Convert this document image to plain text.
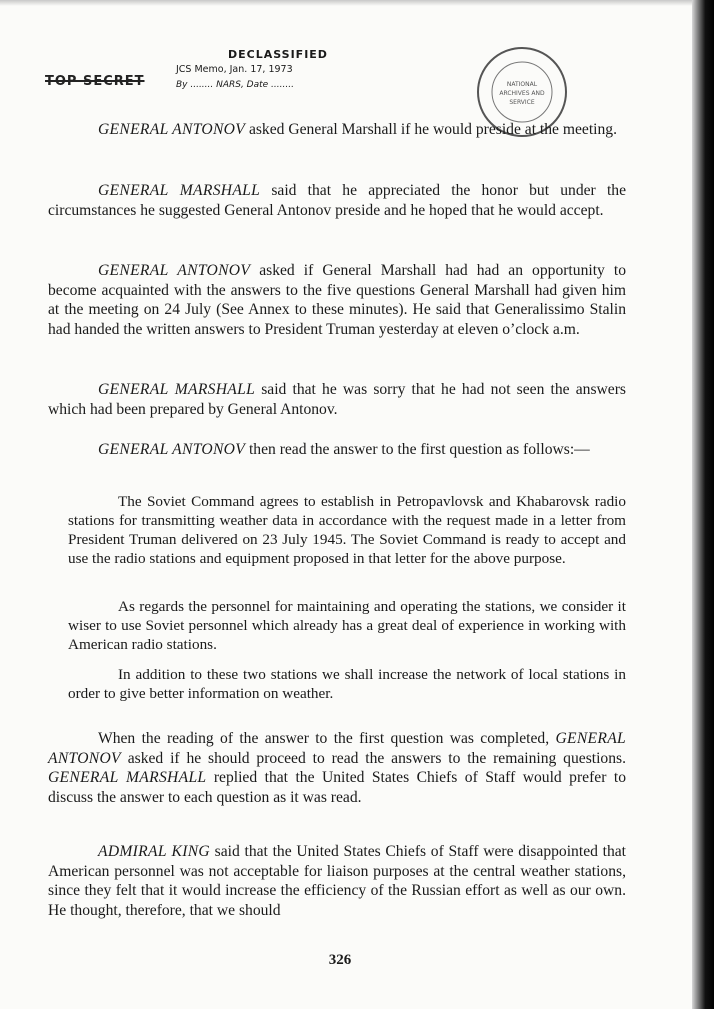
DECLASSIFIED
JCS Memo, Jan. 17, 1973
By ........ NARS, Date ........
TOP SECRET	NATIONAL
ARCHIVES AND
SERVICE

GENERAL ANTONOV asked General Marshall if he would preside at the meeting.

GENERAL MARSHALL said that he appreciated the honor but under the circumstances he suggested General Antonov preside and he hoped that he would accept.

GENERAL ANTONOV asked if General Marshall had had an opportunity to become acquainted with the answers to the five questions General Marshall had given him at the meeting on 24 July (See Annex to these minutes). He said that Generalissimo Stalin had handed the written answers to President Truman yesterday at eleven o’clock a.m.

GENERAL MARSHALL said that he was sorry that he had not seen the answers which had been prepared by General Antonov.

GENERAL ANTONOV then read the answer to the first question as follows:—

The Soviet Command agrees to establish in Petropavlovsk and Khabarovsk radio stations for transmitting weather data in accordance with the request made in a letter from President Truman delivered on 23 July 1945. The Soviet Command is ready to accept and use the radio stations and equipment proposed in that letter for the above purpose.

As regards the personnel for maintaining and operating the stations, we consider it wiser to use Soviet personnel which already has a great deal of experience in working with American radio stations.

In addition to these two stations we shall increase the network of local stations in order to give better information on weather.

When the reading of the answer to the first question was completed, GENERAL ANTONOV asked if he should proceed to read the answers to the remaining questions. GENERAL MARSHALL replied that the United States Chiefs of Staff would prefer to discuss the answer to each question as it was read.

ADMIRAL KING said that the United States Chiefs of Staff were disappointed that American personnel was not acceptable for liaison purposes at the central weather stations, since they felt that it would increase the efficiency of the Russian effort as well as our own. He thought, therefore, that we should

326
